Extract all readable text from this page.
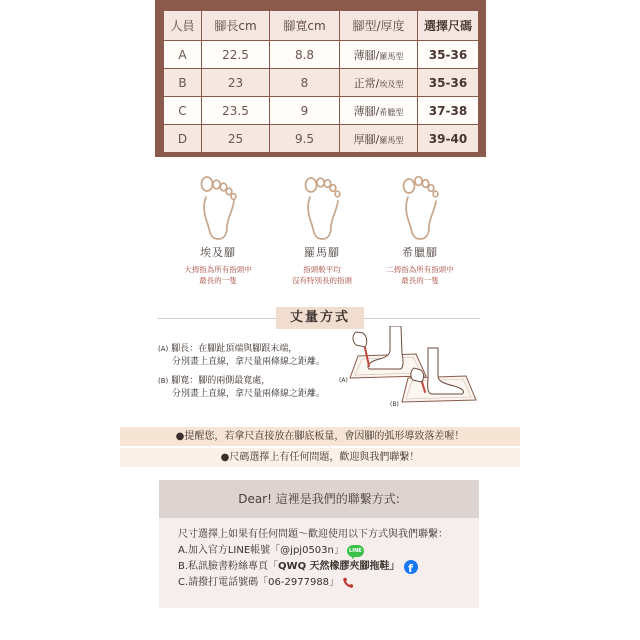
人員	腳長cm	腳寬cm	腳型/厚度	選擇尺碼
A	22.5	8.8	薄腳/羅馬型	35-36
B	23	8	正常/埃及型	35-36
C	23.5	9	薄腳/希臘型	37-38
D	25	9.5	厚腳/羅馬型	39-40
埃及腳
大拇指為所有指頭中
最長的一隻
羅馬腳
指頭較平均
沒有特別長的指頭
希臘腳
二拇指為所有指頭中
最長的一隻
丈量方式
(A) 腳長：在腳趾頂端與腳跟末端，
分別畫上直線，拿尺量兩條線之距離。
(B) 腳寬：腳的兩側最寬處，
分別畫上直線，拿尺量兩條線之距離。
(A)
(B)
●提醒您，若拿尺直接放在腳底板量，會因腳的弧形導致落差喔！
●尺碼選擇上有任何問題，歡迎與我們聯繫！
Dear! 這裡是我們的聯繫方式:
尺寸選擇上如果有任何問題～歡迎使用以下方式與我們聯繫：
A.加入官方LINE帳號「 @jpj0503n 」	LINE
B.私訊臉書粉絲專頁「 QWQ 天然橡膠夾腳拖鞋 」 f
C.請撥打電話號碼「 06-2977988 」
